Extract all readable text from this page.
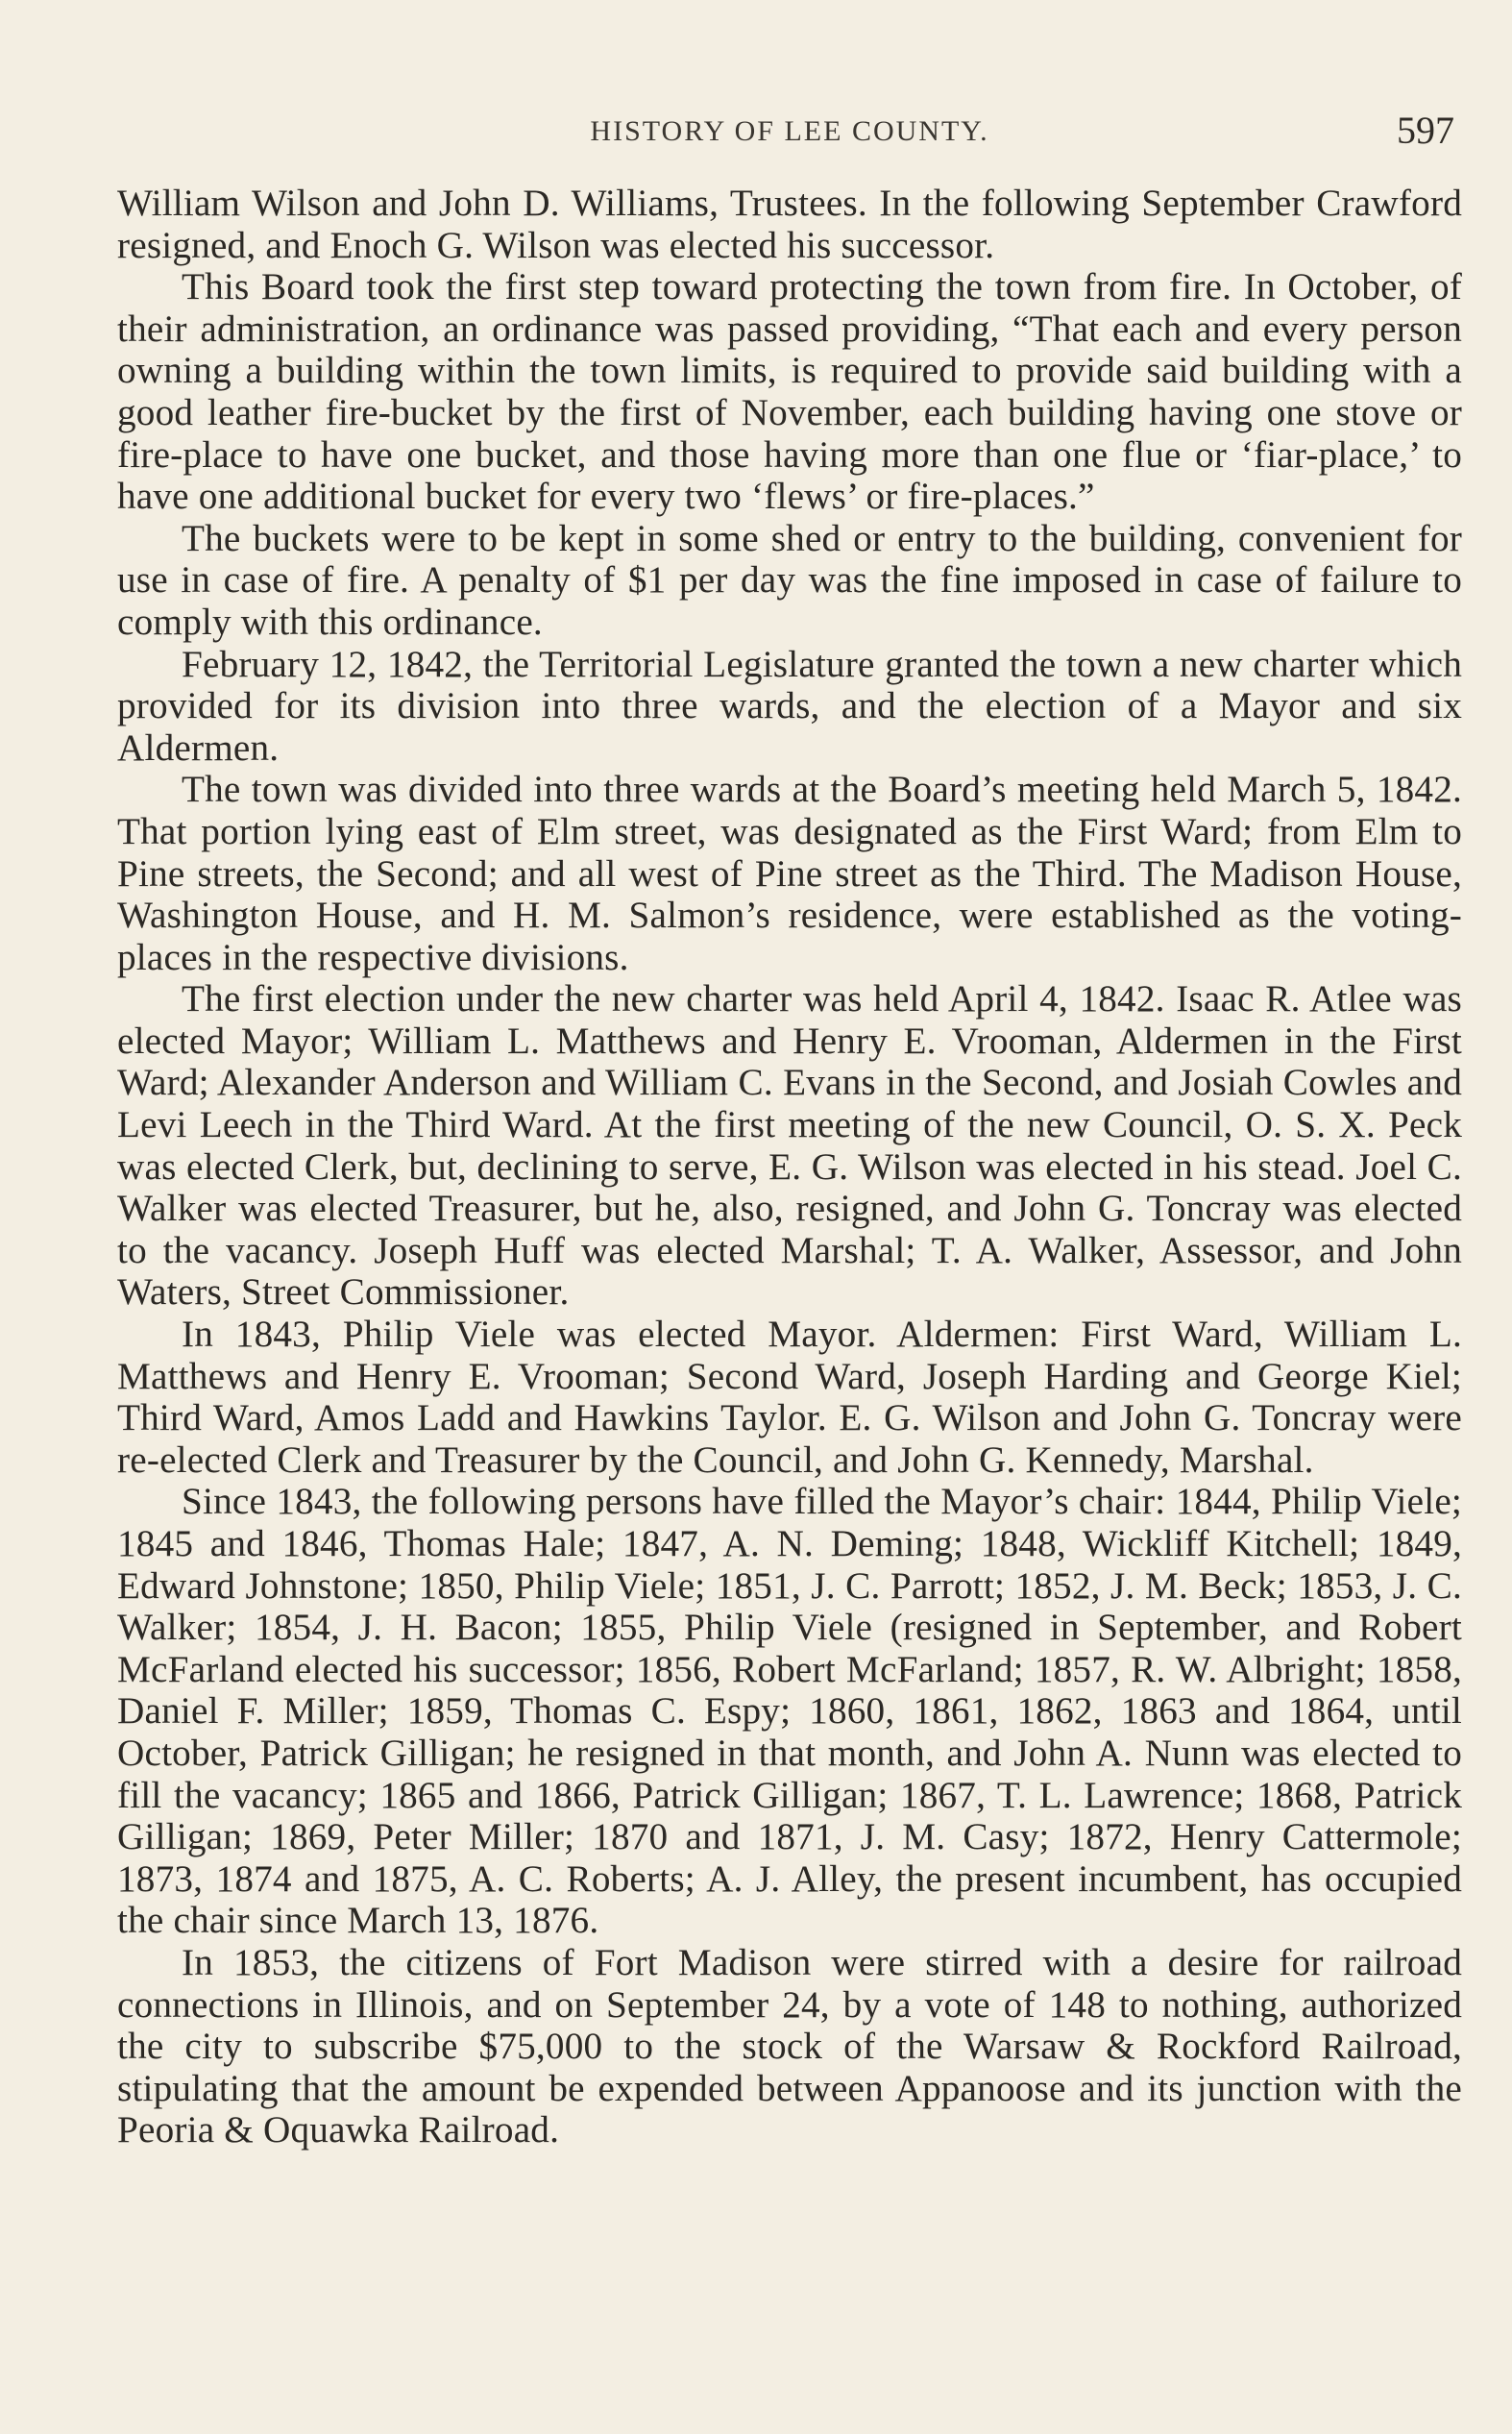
HISTORY OF LEE COUNTY.	597

William Wilson and John D. Williams, Trustees. In the following September Crawford resigned, and Enoch G. Wilson was elected his successor.

This Board took the first step toward protecting the town from fire. In October, of their administration, an ordinance was passed providing, “That each and every person owning a building within the town limits, is required to provide said building with a good leather fire-bucket by the first of November, each building having one stove or fire-place to have one bucket, and those having more than one flue or ‘fiar-place,’ to have one additional bucket for every two ‘flews’ or fire-places.”

The buckets were to be kept in some shed or entry to the building, convenient for use in case of fire. A penalty of $1 per day was the fine imposed in case of failure to comply with this ordinance.

February 12, 1842, the Territorial Legislature granted the town a new charter which provided for its division into three wards, and the election of a Mayor and six Aldermen.

The town was divided into three wards at the Board’s meeting held March 5, 1842. That portion lying east of Elm street, was designated as the First Ward; from Elm to Pine streets, the Second; and all west of Pine street as the Third. The Madison House, Washington House, and H. M. Salmon’s residence, were established as the voting-places in the respective divisions.

The first election under the new charter was held April 4, 1842. Isaac R. Atlee was elected Mayor; William L. Matthews and Henry E. Vrooman, Aldermen in the First Ward; Alexander Anderson and William C. Evans in the Second, and Josiah Cowles and Levi Leech in the Third Ward. At the first meeting of the new Council, O. S. X. Peck was elected Clerk, but, declining to serve, E. G. Wilson was elected in his stead. Joel C. Walker was elected Treasurer, but he, also, resigned, and John G. Toncray was elected to the vacancy. Joseph Huff was elected Marshal; T. A. Walker, Assessor, and John Waters, Street Commissioner.

In 1843, Philip Viele was elected Mayor. Aldermen: First Ward, William L. Matthews and Henry E. Vrooman; Second Ward, Joseph Harding and George Kiel; Third Ward, Amos Ladd and Hawkins Taylor. E. G. Wilson and John G. Toncray were re-elected Clerk and Treasurer by the Council, and John G. Kennedy, Marshal.

Since 1843, the following persons have filled the Mayor’s chair: 1844, Philip Viele; 1845 and 1846, Thomas Hale; 1847, A. N. Deming; 1848, Wickliff Kitchell; 1849, Edward Johnstone; 1850, Philip Viele; 1851, J. C. Parrott; 1852, J. M. Beck; 1853, J. C. Walker; 1854, J. H. Bacon; 1855, Philip Viele (resigned in September, and Robert McFarland elected his successor; 1856, Robert McFarland; 1857, R. W. Albright; 1858, Daniel F. Miller; 1859, Thomas C. Espy; 1860, 1861, 1862, 1863 and 1864, until October, Patrick Gilligan; he resigned in that month, and John A. Nunn was elected to fill the vacancy; 1865 and 1866, Patrick Gilligan; 1867, T. L. Lawrence; 1868, Patrick Gilligan; 1869, Peter Miller; 1870 and 1871, J. M. Casy; 1872, Henry Cattermole; 1873, 1874 and 1875, A. C. Roberts; A. J. Alley, the present incumbent, has occupied the chair since March 13, 1876.

In 1853, the citizens of Fort Madison were stirred with a desire for railroad connections in Illinois, and on September 24, by a vote of 148 to nothing, authorized the city to subscribe $75,000 to the stock of the Warsaw & Rockford Railroad, stipulating that the amount be expended between Appanoose and its junction with the Peoria & Oquawka Railroad.
